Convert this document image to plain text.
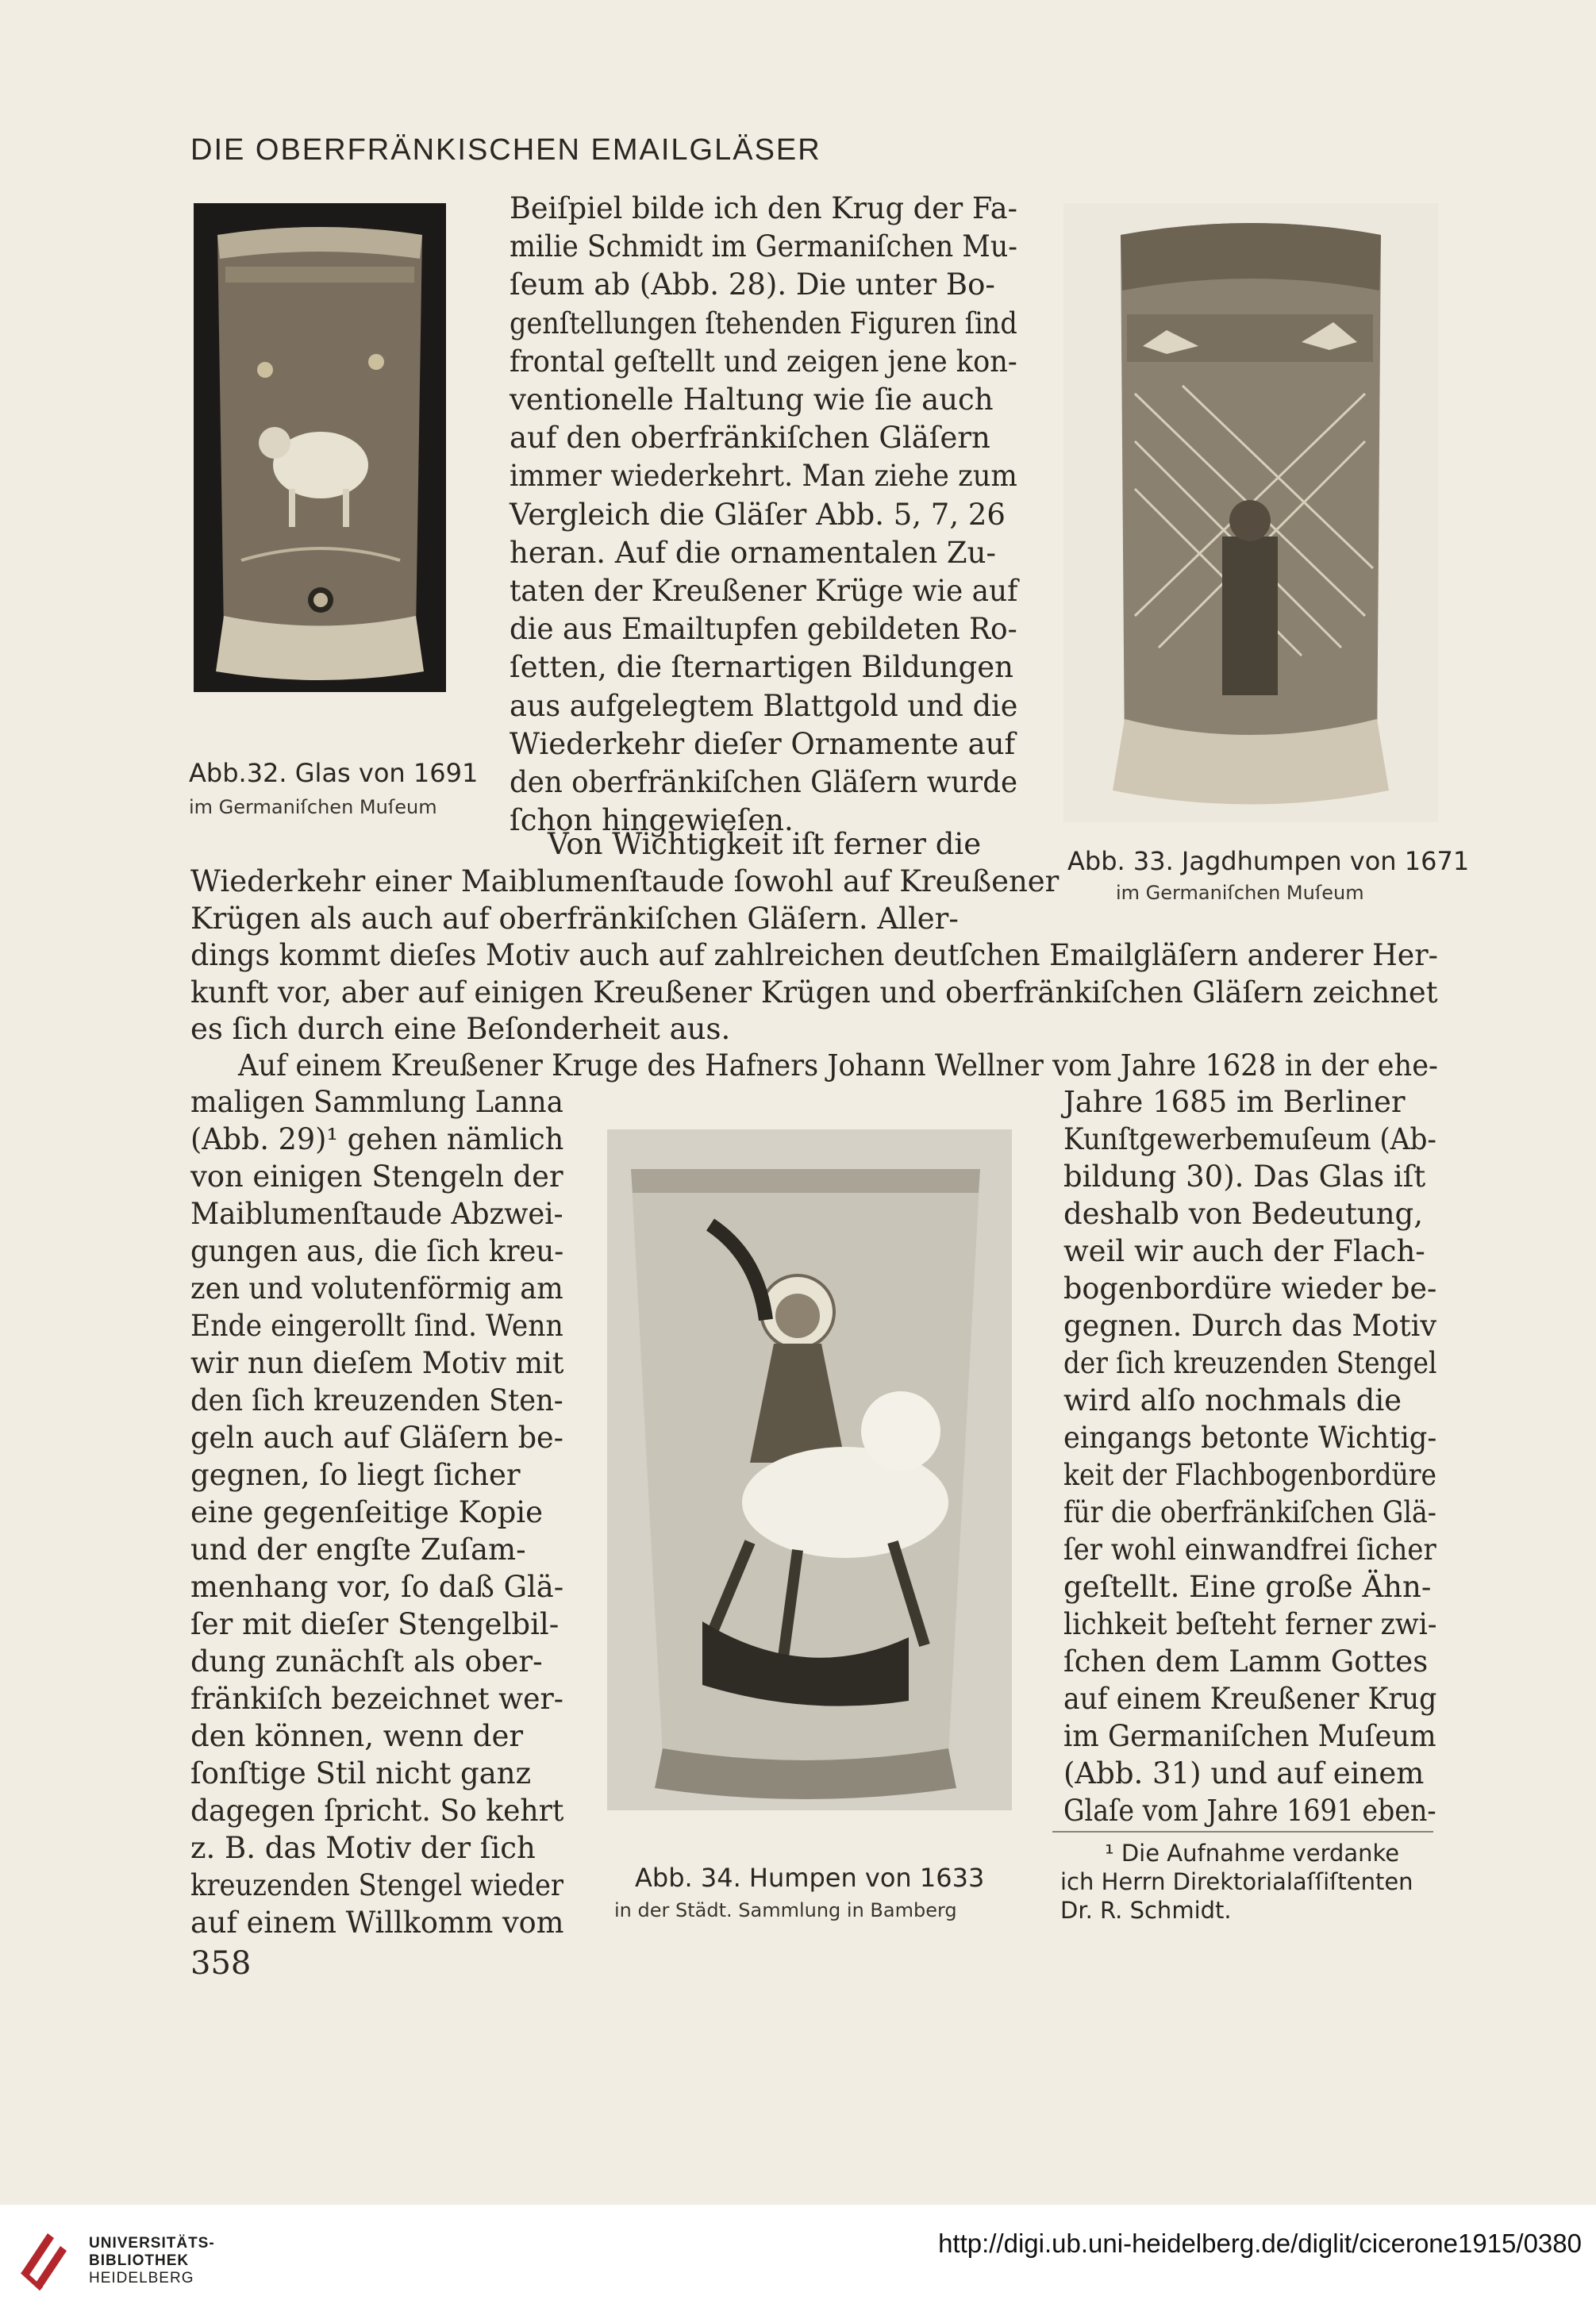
DIE OBERFRÄNKISCHEN EMAILGLÄSER
Abb.32. Glas von 1691
im Germaniſchen Muſeum
Abb. 33. Jagdhumpen von 1671
im Germaniſchen Muſeum
Abb. 34. Humpen von 1633
in der Städt. Sammlung in Bamberg
Beiſpiel bilde ich den Krug der Fa-
milie Schmidt im Germaniſchen Mu-
ſeum ab (Abb. 28). Die unter Bo-
genſtellungen ſtehenden Figuren ſind
frontal geſtellt und zeigen jene kon-
ventionelle Haltung wie ſie auch
auf den oberfränkiſchen Gläſern
immer wiederkehrt. Man ziehe zum
Vergleich die Gläſer Abb. 5, 7, 26
heran. Auf die ornamentalen Zu-
taten der Kreußener Krüge wie auf
die aus Emailtupfen gebildeten Ro-
ſetten, die ſternartigen Bildungen
aus aufgelegtem Blattgold und die
Wiederkehr dieſer Ornamente auf
den oberfränkiſchen Gläſern wurde
ſchon hingewieſen.
Von Wichtigkeit iſt ferner die
Wiederkehr einer Maiblumenſtaude ſowohl auf Kreußener
Krügen als auch auf oberfränkiſchen Gläſern. Aller-
dings kommt dieſes Motiv auch auf zahlreichen deutſchen Emailgläſern anderer Her-
kunft vor, aber auf einigen Kreußener Krügen und oberfränkiſchen Gläſern zeichnet
es ſich durch eine Beſonderheit aus.
Auf einem Kreußener Kruge des Hafners Johann Wellner vom Jahre 1628 in der ehe-
maligen Sammlung Lanna
(Abb. 29)¹ gehen nämlich
von einigen Stengeln der
Maiblumenſtaude Abzwei-
gungen aus, die ſich kreu-
zen und volutenförmig am
Ende eingerollt ſind. Wenn
wir nun dieſem Motiv mit
den ſich kreuzenden Sten-
geln auch auf Gläſern be-
gegnen, ſo liegt ſicher
eine gegenſeitige Kopie
und der engſte Zuſam-
menhang vor, ſo daß Glä-
ſer mit dieſer Stengelbil-
dung zunächſt als ober-
fränkiſch bezeichnet wer-
den können, wenn der
ſonſtige Stil nicht ganz
dagegen ſpricht. So kehrt
z. B. das Motiv der ſich
kreuzenden Stengel wieder
auf einem Willkomm vom
Jahre 1685 im Berliner
Kunſtgewerbemuſeum (Ab-
bildung 30). Das Glas iſt
deshalb von Bedeutung,
weil wir auch der Flach-
bogenbordüre wieder be-
gegnen. Durch das Motiv
der ſich kreuzenden Stengel
wird alſo nochmals die
eingangs betonte Wichtig-
keit der Flachbogenbordüre
für die oberfränkiſchen Glä-
ſer wohl einwandfrei ſicher
geſtellt. Eine große Ähn-
lichkeit beſteht ferner zwi-
ſchen dem Lamm Gottes
auf einem Kreußener Krug
im Germaniſchen Muſeum
(Abb. 31) und auf einem
Glaſe vom Jahre 1691 eben-
¹ Die Aufnahme verdanke
ich Herrn Direktorialaſſiſtenten
Dr. R. Schmidt.
358
UNIVERSITÄTS-
BIBLIOTHEK
HEIDELBERG
http://digi.ub.uni-heidelberg.de/diglit/cicerone1915/0380
